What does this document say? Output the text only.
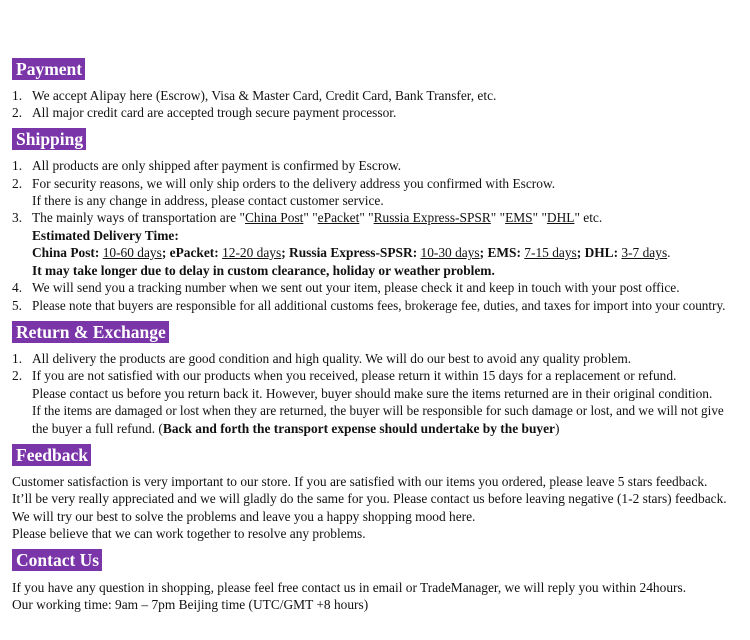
Payment
1. We accept Alipay here (Escrow), Visa & Master Card, Credit Card, Bank Transfer, etc.
2. All major credit card are accepted trough secure payment processor.
Shipping
1. All products are only shipped after payment is confirmed by Escrow.
2. For security reasons, we will only ship orders to the delivery address you confirmed with Escrow.
If there is any change in address, please contact customer service.
3. The mainly ways of transportation are "China Post" "ePacket" "Russia Express-SPSR" "EMS" "DHL" etc.
Estimated Delivery Time:
China Post: 10-60 days; ePacket: 12-20 days; Russia Express-SPSR: 10-30 days; EMS: 7-15 days; DHL: 3-7 days.
It may take longer due to delay in custom clearance, holiday or weather problem.
4. We will send you a tracking number when we sent out your item, please check it and keep in touch with your post office.
5. Please note that buyers are responsible for all additional customs fees, brokerage fee, duties, and taxes for import into your country.
Return & Exchange
1. All delivery the products are good condition and high quality. We will do our best to avoid any quality problem.
2. If you are not satisfied with our products when you received, please return it within 15 days for a replacement or refund.
Please contact us before you return back it. However, buyer should make sure the items returned are in their original condition.
If the items are damaged or lost when they are returned, the buyer will be responsible for such damage or lost, and we will not give
the buyer a full refund. (Back and forth the transport expense should undertake by the buyer)
Feedback
Customer satisfaction is very important to our store. If you are satisfied with our items you ordered, please leave 5 stars feedback.
It’ll be very really appreciated and we will gladly do the same for you. Please contact us before leaving negative (1-2 stars) feedback.
We will try our best to solve the problems and leave you a happy shopping mood here.
Please believe that we can work together to resolve any problems.
Contact Us
If you have any question in shopping, please feel free contact us in email or TradeManager, we will reply you within 24hours.
Our working time: 9am – 7pm Beijing time (UTC/GMT +8 hours)
